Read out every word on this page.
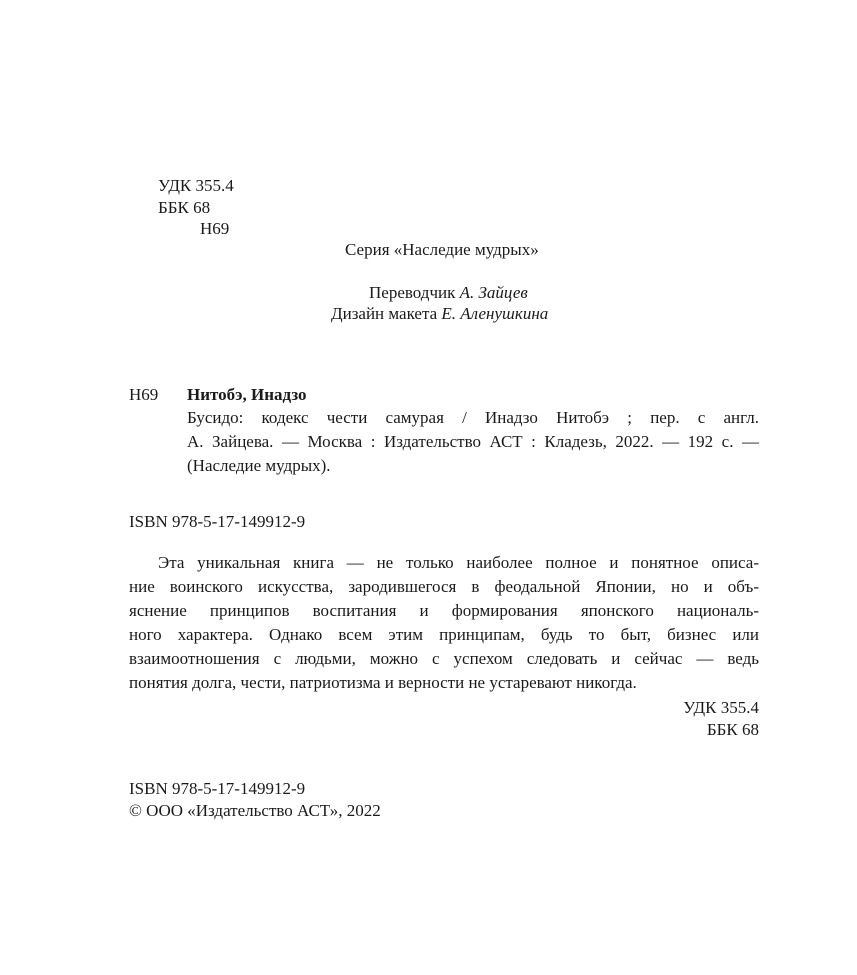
УДК 355.4
ББК 68
Н69
Серия «Наследие мудрых»
Переводчик А. Зайцев
Дизайн макета Е. Аленушкина
Н69 Нитобэ, Инадзо
Бусидо: кодекс чести самурая / Инадзо Нитобэ ; пер. с англ.
А. Зайцева. — Москва : Издательство АСТ : Кладезь, 2022. — 192 с. —
(Наследие мудрых).
ISBN 978-5-17-149912-9
Эта уникальная книга — не только наиболее полное и понятное описа-
ние воинского искусства, зародившегося в феодальной Японии, но и объ-
яснение принципов воспитания и формирования японского националь-
ного характера. Однако всем этим принципам, будь то быт, бизнес или
взаимоотношения с людьми, можно с успехом следовать и сейчас — ведь
понятия долга, чести, патриотизма и верности не устаревают никогда.
УДК 355.4
ББК 68
ISBN 978-5-17-149912-9
© ООО «Издательство АСТ», 2022
